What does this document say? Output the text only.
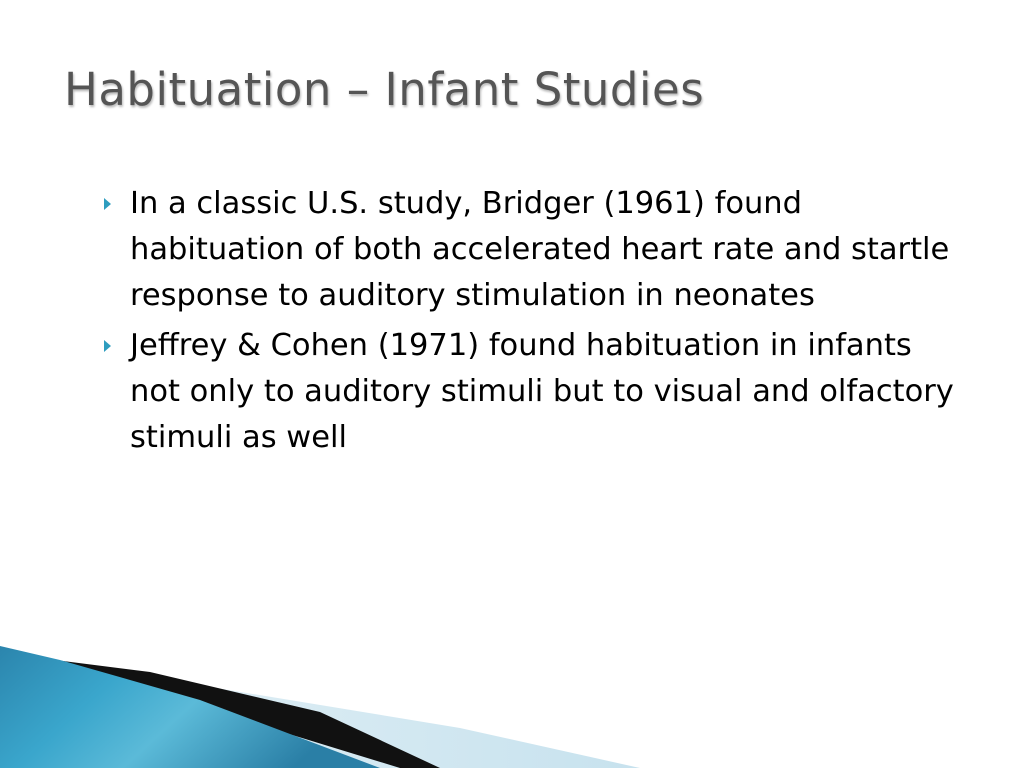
Habituation – Infant Studies
In a classic U.S. study, Bridger (1961) found habituation of both accelerated heart rate and startle response to auditory stimulation in neonates
Jeffrey & Cohen (1971) found habituation in infants not only to auditory stimuli but to visual and olfactory stimuli as well
